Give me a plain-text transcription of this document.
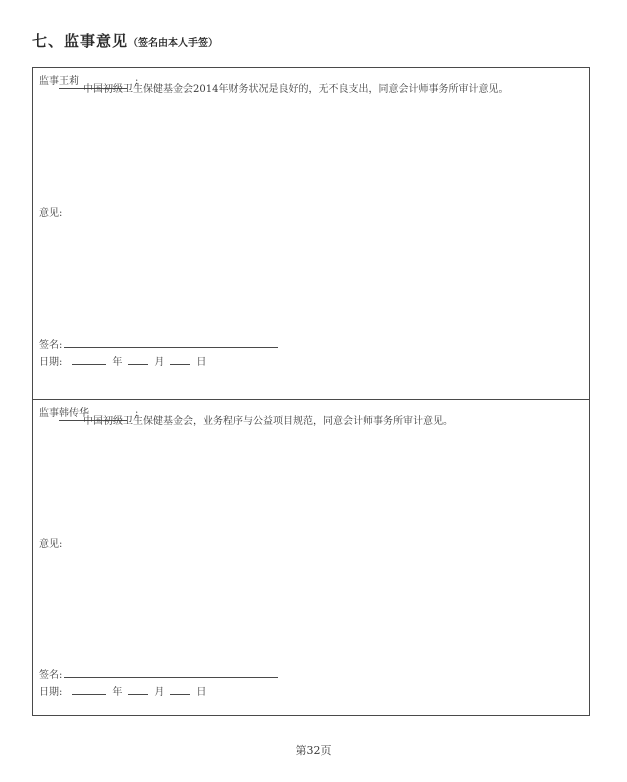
七、监事意见（签名由本人手签）
监事王莉	:
中国初级卫生保健基金会2014年财务状况是良好的，无不良支出，同意会计师事务所审计意见。
意见:
签名:
日期:	年	月	日
监事韩传华	:
中国初级卫生保健基金会，业务程序与公益项目规范，同意会计师事务所审计意见。
意见:
签名:
日期:	年	月	日
第32页
